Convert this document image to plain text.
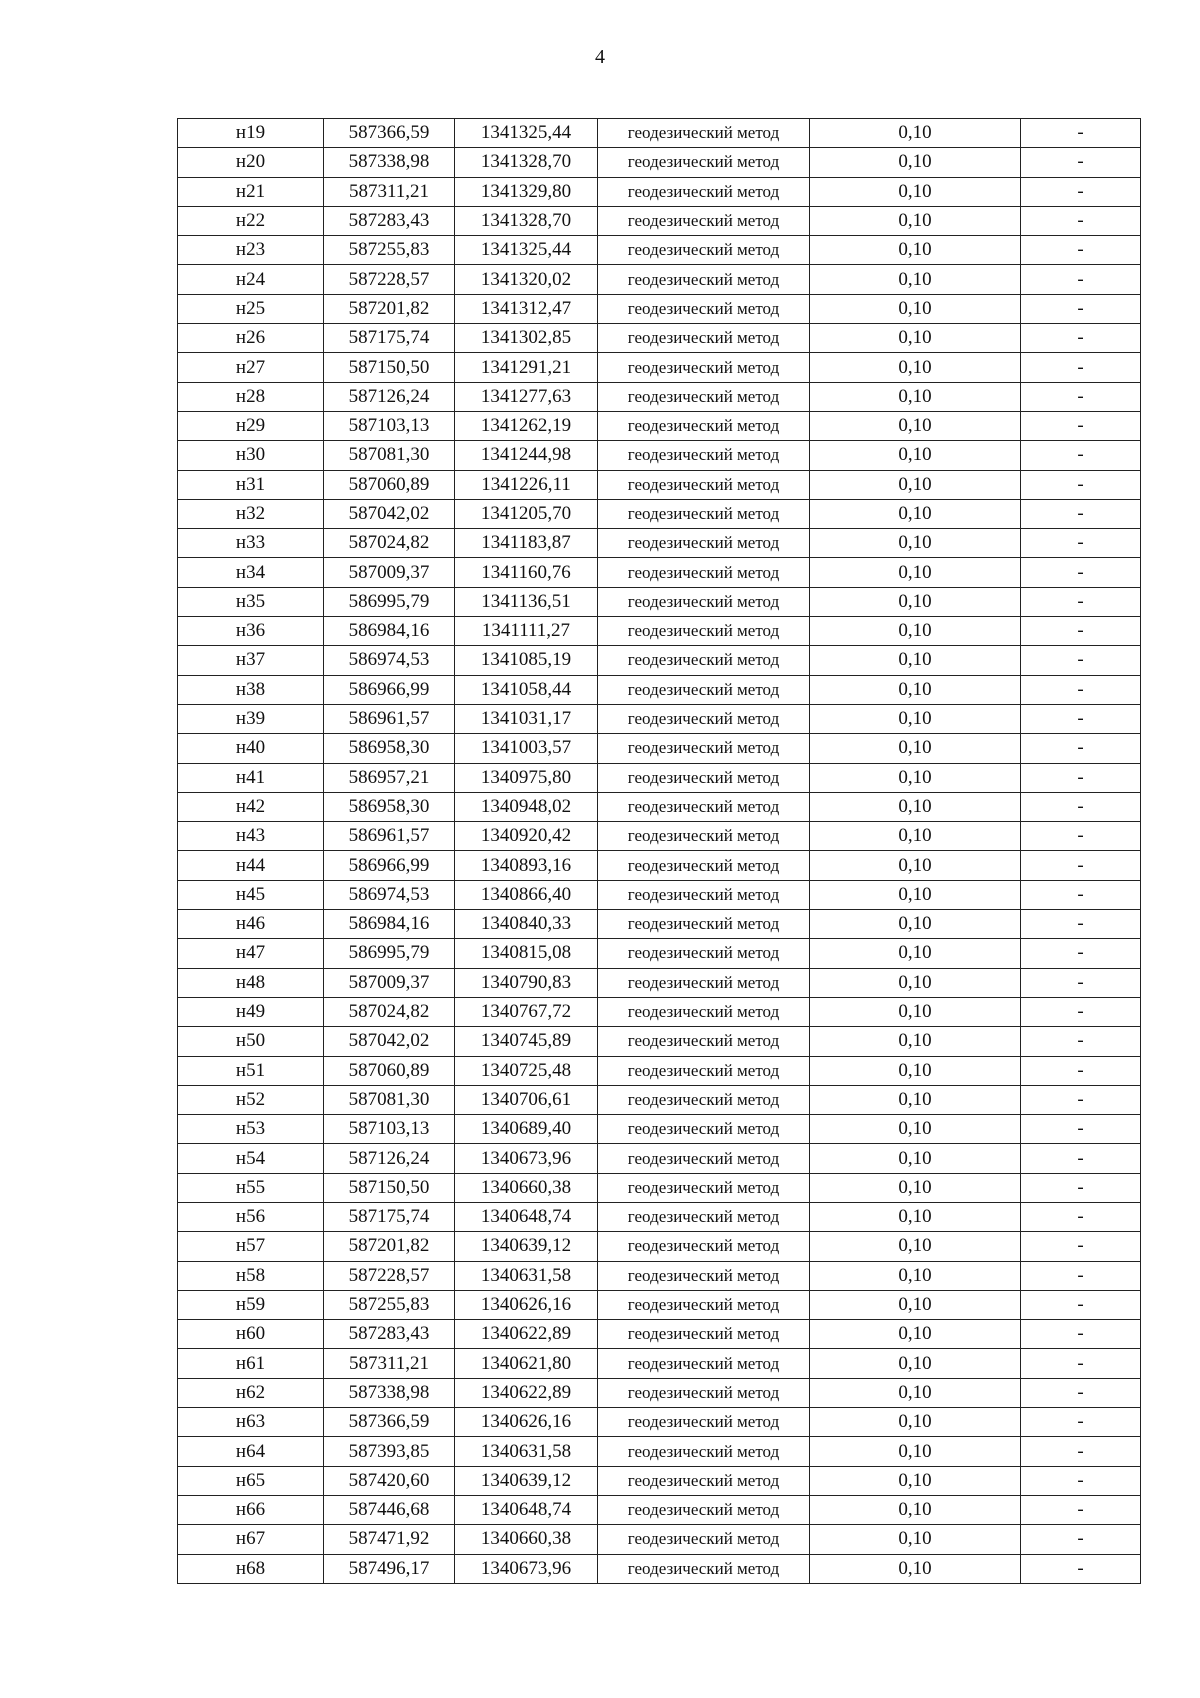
4
н19	587366,59	1341325,44	геодезический метод	0,10	-
н20	587338,98	1341328,70	геодезический метод	0,10	-
н21	587311,21	1341329,80	геодезический метод	0,10	-
н22	587283,43	1341328,70	геодезический метод	0,10	-
н23	587255,83	1341325,44	геодезический метод	0,10	-
н24	587228,57	1341320,02	геодезический метод	0,10	-
н25	587201,82	1341312,47	геодезический метод	0,10	-
н26	587175,74	1341302,85	геодезический метод	0,10	-
н27	587150,50	1341291,21	геодезический метод	0,10	-
н28	587126,24	1341277,63	геодезический метод	0,10	-
н29	587103,13	1341262,19	геодезический метод	0,10	-
н30	587081,30	1341244,98	геодезический метод	0,10	-
н31	587060,89	1341226,11	геодезический метод	0,10	-
н32	587042,02	1341205,70	геодезический метод	0,10	-
н33	587024,82	1341183,87	геодезический метод	0,10	-
н34	587009,37	1341160,76	геодезический метод	0,10	-
н35	586995,79	1341136,51	геодезический метод	0,10	-
н36	586984,16	1341111,27	геодезический метод	0,10	-
н37	586974,53	1341085,19	геодезический метод	0,10	-
н38	586966,99	1341058,44	геодезический метод	0,10	-
н39	586961,57	1341031,17	геодезический метод	0,10	-
н40	586958,30	1341003,57	геодезический метод	0,10	-
н41	586957,21	1340975,80	геодезический метод	0,10	-
н42	586958,30	1340948,02	геодезический метод	0,10	-
н43	586961,57	1340920,42	геодезический метод	0,10	-
н44	586966,99	1340893,16	геодезический метод	0,10	-
н45	586974,53	1340866,40	геодезический метод	0,10	-
н46	586984,16	1340840,33	геодезический метод	0,10	-
н47	586995,79	1340815,08	геодезический метод	0,10	-
н48	587009,37	1340790,83	геодезический метод	0,10	-
н49	587024,82	1340767,72	геодезический метод	0,10	-
н50	587042,02	1340745,89	геодезический метод	0,10	-
н51	587060,89	1340725,48	геодезический метод	0,10	-
н52	587081,30	1340706,61	геодезический метод	0,10	-
н53	587103,13	1340689,40	геодезический метод	0,10	-
н54	587126,24	1340673,96	геодезический метод	0,10	-
н55	587150,50	1340660,38	геодезический метод	0,10	-
н56	587175,74	1340648,74	геодезический метод	0,10	-
н57	587201,82	1340639,12	геодезический метод	0,10	-
н58	587228,57	1340631,58	геодезический метод	0,10	-
н59	587255,83	1340626,16	геодезический метод	0,10	-
н60	587283,43	1340622,89	геодезический метод	0,10	-
н61	587311,21	1340621,80	геодезический метод	0,10	-
н62	587338,98	1340622,89	геодезический метод	0,10	-
н63	587366,59	1340626,16	геодезический метод	0,10	-
н64	587393,85	1340631,58	геодезический метод	0,10	-
н65	587420,60	1340639,12	геодезический метод	0,10	-
н66	587446,68	1340648,74	геодезический метод	0,10	-
н67	587471,92	1340660,38	геодезический метод	0,10	-
н68	587496,17	1340673,96	геодезический метод	0,10	-
